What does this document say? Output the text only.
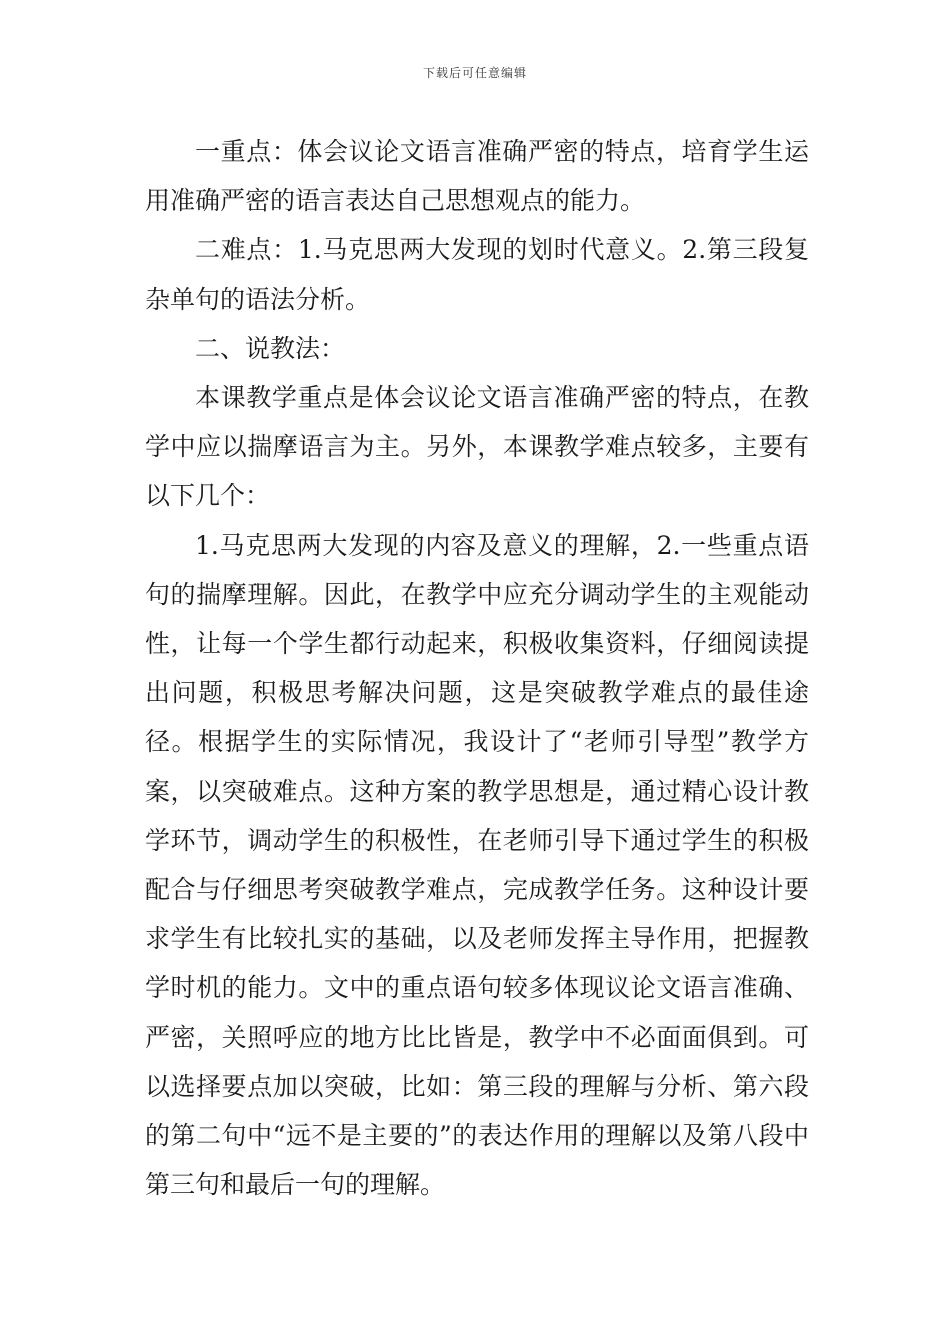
下载后可任意编辑

一重点：体会议论文语言准确严密的特点，培育学生运用准确严密的语言表达自己思想观点的能力。

二难点：1.马克思两大发现的划时代意义。2.第三段复杂单句的语法分析。

二、说教法：

本课教学重点是体会议论文语言准确严密的特点，在教学中应以揣摩语言为主。另外，本课教学难点较多，主要有以下几个：

1.马克思两大发现的内容及意义的理解，2.一些重点语句的揣摩理解。因此，在教学中应充分调动学生的主观能动性，让每一个学生都行动起来，积极收集资料，仔细阅读提出问题，积极思考解决问题，这是突破教学难点的最佳途径。根据学生的实际情况，我设计了“老师引导型”教学方案，以突破难点。这种方案的教学思想是，通过精心设计教学环节，调动学生的积极性，在老师引导下通过学生的积极配合与仔细思考突破教学难点，完成教学任务。这种设计要求学生有比较扎实的基础，以及老师发挥主导作用，把握教学时机的能力。文中的重点语句较多体现议论文语言准确、严密，关照呼应的地方比比皆是，教学中不必面面俱到。可以选择要点加以突破，比如：第三段的理解与分析、第六段的第二句中“远不是主要的”的表达作用的理解以及第八段中第三句和最后一句的理解。
